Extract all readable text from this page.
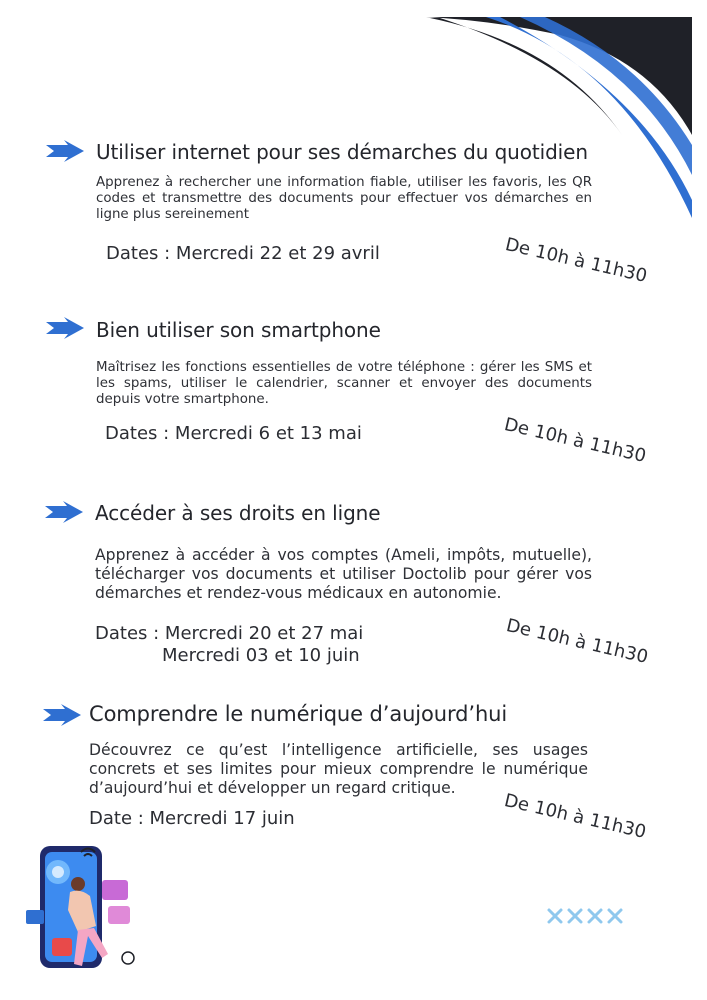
Utiliser internet pour ses démarches du quotidien

Apprenez à rechercher une information fiable, utiliser les favoris, les QR codes et transmettre des documents pour effectuer vos démarches en ligne plus sereinement

Dates : Mercredi 22 et 29 avril	De 10h à 11h30
Bien utiliser son smartphone

Maîtrisez les fonctions essentielles de votre téléphone : gérer les SMS et les spams, utiliser le calendrier, scanner et envoyer des documents depuis votre smartphone.

Dates : Mercredi 6 et 13 mai	De 10h à 11h30
Accéder à ses droits en ligne

Apprenez à accéder à vos comptes (Ameli, impôts, mutuelle), télécharger vos documents et utiliser Doctolib pour gérer vos démarches et rendez-vous médicaux en autonomie.

Dates : Mercredi 20 et 27 mai
Mercredi 03 et 10 juin	De 10h à 11h30
Comprendre le numérique d’aujourd’hui

Découvrez ce qu’est l’intelligence artificielle, ses usages concrets et ses limites pour mieux comprendre le numérique d’aujourd’hui et développer un regard critique.

Date : Mercredi 17 juin	De 10h à 11h30
